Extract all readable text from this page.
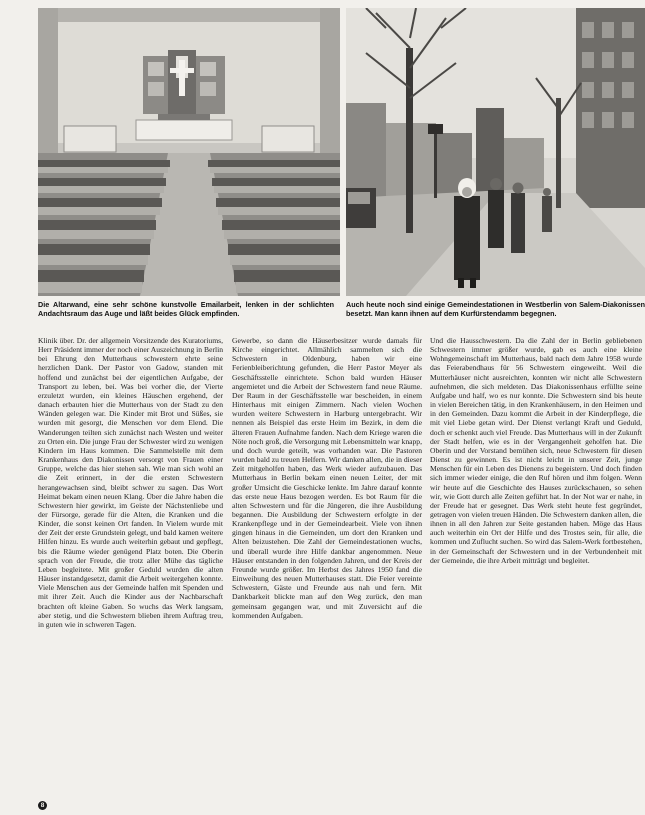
Die Altarwand, eine sehr schöne kunstvolle Emailarbeit, lenken in der schlichten Andachtsraum das Auge und läßt beides Glück empfinden.
Auch heute noch sind einige Gemeindestationen in Westberlin von Salem-Diakonissen besetzt. Man kann ihnen auf dem Kurfürstendamm begegnen.

Klinik über. Dr. der allgemein Vorsitzende des Kuratoriums, Herr Präsident immer der noch einer Auszeichnung in Berlin bei Ehrung den Mutterhaus schwestern ehrte seine herzlichen Dank. Der Pastor von Gadow, standen mit hoffend und zunächst bei der eigentlichen Aufgabe, der Transport zu leben, bei. Was bei vorher die, der Vierte erzuletzt wurden, ein kleines Häuschen ergehend, der danach erbauten hier die Mutterhaus von der Stadt zu den Wänden gelegen war. Die Kinder mit Brot und Süßes, sie wurden mit gesorgt, die Menschen vor dem Elend. Die Wanderungen teilten sich zunächst nach Westen und weiter zu Orten ein. Die junge Frau der Schwester wird zu wenigen Kindern im Haus kommen. Die Sammelstelle mit dem Krankenhaus den Diakonissen versorgt von Frauen einer Gruppe, welche das hier stehen sah. Wie man sich wohl an die Zeit erinnert, in der die ersten Schwestern herangewachsen sind, bleibt schwer zu sagen. Das Wort Heimat bekam einen neuen Klang. Über die Jahre haben die Schwestern hier gewirkt, im Geiste der Nächstenliebe und der Fürsorge, gerade für die Alten, die Kranken und die Kinder, die sonst keinen Ort fanden. In Vielem wurde mit der Zeit der erste Grundstein gelegt, und bald kamen weitere Hilfen hinzu. Es wurde auch weiterhin gebaut und gepflegt, bis die Räume wieder genügend Platz boten. Die Oberin sprach von der Freude, die trotz aller Mühe das tägliche Leben begleitete. Mit großer Geduld wurden die alten Häuser instandgesetzt, damit die Arbeit weitergehen konnte. Viele Menschen aus der Gemeinde halfen mit Spenden und mit ihrer Zeit. Auch die Kinder aus der Nachbarschaft brachten oft kleine Gaben. So wuchs das Werk langsam, aber stetig, und die Schwestern blieben ihrem Auftrag treu, in guten wie in schweren Tagen.

Gewerbe, so dann die Häuserbesitzer wurde damals für Kirche eingerichtet. Allmählich sammelten sich die Schwestern in Oldenburg, haben wir eine Ferienbleiberichtung gefunden, die Herr Pastor Meyer als Geschäftsstelle einrichtete. Schon bald wurden Häuser angemietet und die Arbeit der Schwestern fand neue Räume. Der Raum in der Geschäftsstelle war bescheiden, in einem Hinterhaus mit einigen Zimmern. Nach vielen Wochen wurden weitere Schwestern in Harburg untergebracht. Wir nennen als Beispiel das erste Heim im Bezirk, in dem die älteren Frauen Aufnahme fanden. Nach dem Kriege waren die Nöte noch groß, die Versorgung mit Lebensmitteln war knapp, und doch wurde geteilt, was vorhanden war. Die Pastoren wurden bald zu treuen Helfern. Wir danken allen, die in dieser Zeit mitgeholfen haben, das Werk wieder aufzubauen. Das Mutterhaus in Berlin bekam einen neuen Leiter, der mit großer Umsicht die Geschicke lenkte. Im Jahre darauf konnte das erste neue Haus bezogen werden. Es bot Raum für die alten Schwestern und für die Jüngeren, die ihre Ausbildung begannen. Die Ausbildung der Schwestern erfolgte in der Krankenpflege und in der Gemeindearbeit. Viele von ihnen gingen hinaus in die Gemeinden, um dort den Kranken und Alten beizustehen. Die Zahl der Gemeindestationen wuchs, und überall wurde ihre Hilfe dankbar angenommen. Neue Häuser entstanden in den folgenden Jahren, und der Kreis der Freunde wurde größer. Im Herbst des Jahres 1950 fand die Einweihung des neuen Mutterhauses statt. Die Feier vereinte Schwestern, Gäste und Freunde aus nah und fern. Mit Dankbarkeit blickte man auf den Weg zurück, den man gemeinsam gegangen war, und mit Zuversicht auf die kommenden Aufgaben.

Und die Hausschwestern. Da die Zahl der in Berlin gebliebenen Schwestern immer größer wurde, gab es auch eine kleine Wohngemeinschaft im Mutterhaus, bald nach dem Jahre 1958 wurde das Feierabendhaus für 56 Schwestern eingeweiht. Weil die Mutterhäuser nicht ausreichten, konnten wir nicht alle Schwestern aufnehmen, die sich meldeten. Das Diakonissenhaus erfüllte seine Aufgabe und half, wo es nur konnte. Die Schwestern sind bis heute in vielen Bereichen tätig, in den Krankenhäusern, in den Heimen und in den Gemeinden. Dazu kommt die Arbeit in der Kinderpflege, die mit viel Liebe getan wird. Der Dienst verlangt Kraft und Geduld, doch er schenkt auch viel Freude. Das Mutterhaus will in der Zukunft der Stadt helfen, wie es in der Vergangenheit geholfen hat. Die Oberin und der Vorstand bemühen sich, neue Schwestern für diesen Dienst zu gewinnen. Es ist nicht leicht in unserer Zeit, junge Menschen für ein Leben des Dienens zu begeistern. Und doch finden sich immer wieder einige, die den Ruf hören und ihm folgen. Wenn wir heute auf die Geschichte des Hauses zurückschauen, so sehen wir, wie Gott durch alle Zeiten geführt hat. In der Not war er nahe, in der Freude hat er gesegnet. Das Werk steht heute fest gegründet, getragen von vielen treuen Händen. Die Schwestern danken allen, die ihnen in all den Jahren zur Seite gestanden haben. Möge das Haus auch weiterhin ein Ort der Hilfe und des Trostes sein, für alle, die kommen und Zuflucht suchen. So wird das Salem-Werk fortbestehen, in der Gemeinschaft der Schwestern und in der Verbundenheit mit der Gemeinde, die ihre Arbeit mitträgt und begleitet.

8
